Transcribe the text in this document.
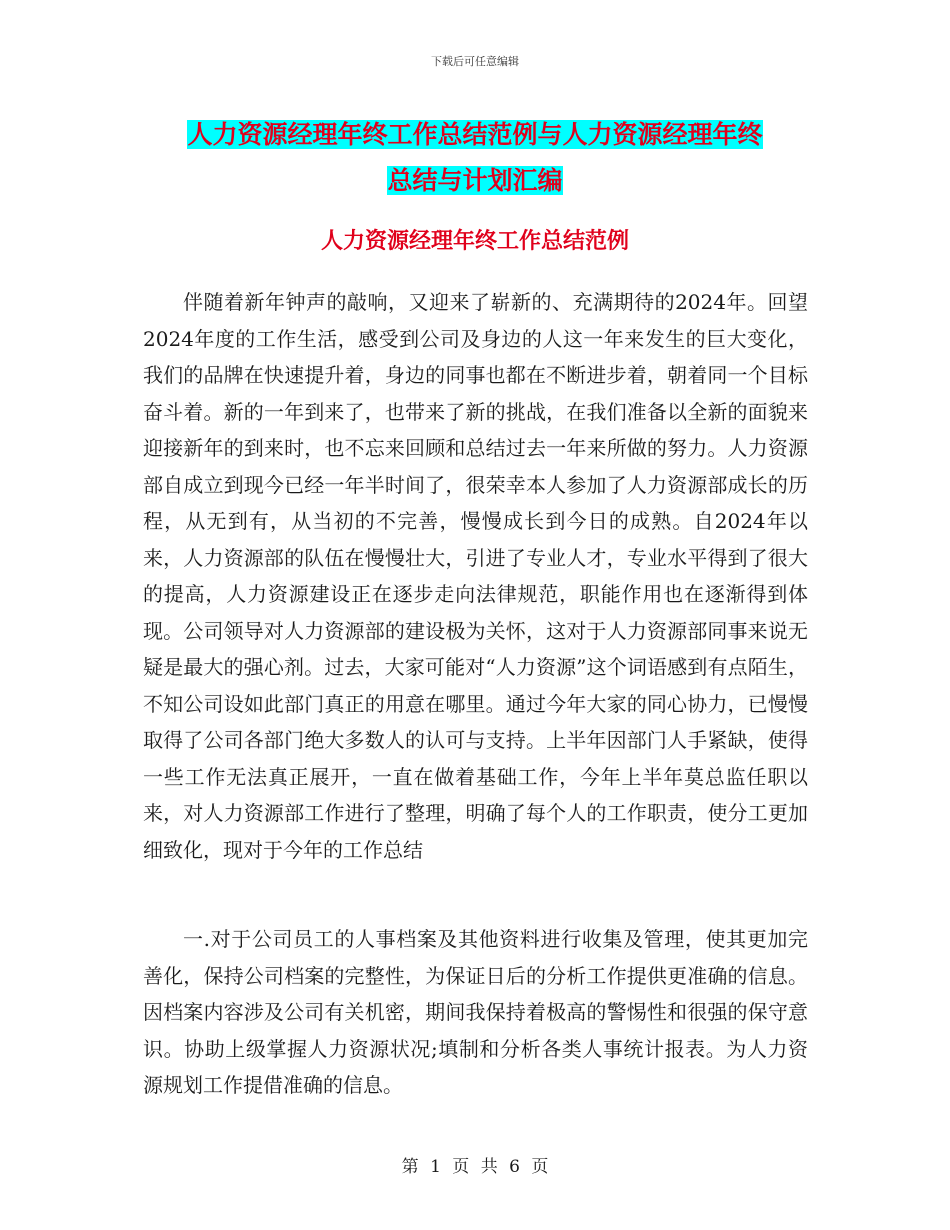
下载后可任意编辑
人力资源经理年终工作总结范例与人力资源经理年终
总结与计划汇编
人力资源经理年终工作总结范例

伴随着新年钟声的敲响，又迎来了崭新的、充满期待的2024年。回望2024年度的工作生活，感受到公司及身边的人这一年来发生的巨大变化，我们的品牌在快速提升着，身边的同事也都在不断进步着，朝着同一个目标奋斗着。新的一年到来了，也带来了新的挑战，在我们准备以全新的面貌来迎接新年的到来时，也不忘来回顾和总结过去一年来所做的努力。人力资源部自成立到现今已经一年半时间了，很荣幸本人参加了人力资源部成长的历程，从无到有，从当初的不完善，慢慢成长到今日的成熟。自2024年以来，人力资源部的队伍在慢慢壮大，引进了专业人才，专业水平得到了很大的提高，人力资源建设正在逐步走向法律规范，职能作用也在逐渐得到体现。公司领导对人力资源部的建设极为关怀，这对于人力资源部同事来说无疑是最大的强心剂。过去，大家可能对“人力资源”这个词语感到有点陌生，不知公司设如此部门真正的用意在哪里。通过今年大家的同心协力，已慢慢取得了公司各部门绝大多数人的认可与支持。上半年因部门人手紧缺，使得一些工作无法真正展开，一直在做着基础工作，今年上半年莫总监任职以来，对人力资源部工作进行了整理，明确了每个人的工作职责，使分工更加细致化，现对于今年的工作总结

一.对于公司员工的人事档案及其他资料进行收集及管理，使其更加完善化，保持公司档案的完整性，为保证日后的分析工作提供更准确的信息。因档案内容涉及公司有关机密，期间我保持着极高的警惕性和很强的保守意识。协助上级掌握人力资源状况;填制和分析各类人事统计报表。为人力资源规划工作提借准确的信息。

第 1 页 共 6 页
